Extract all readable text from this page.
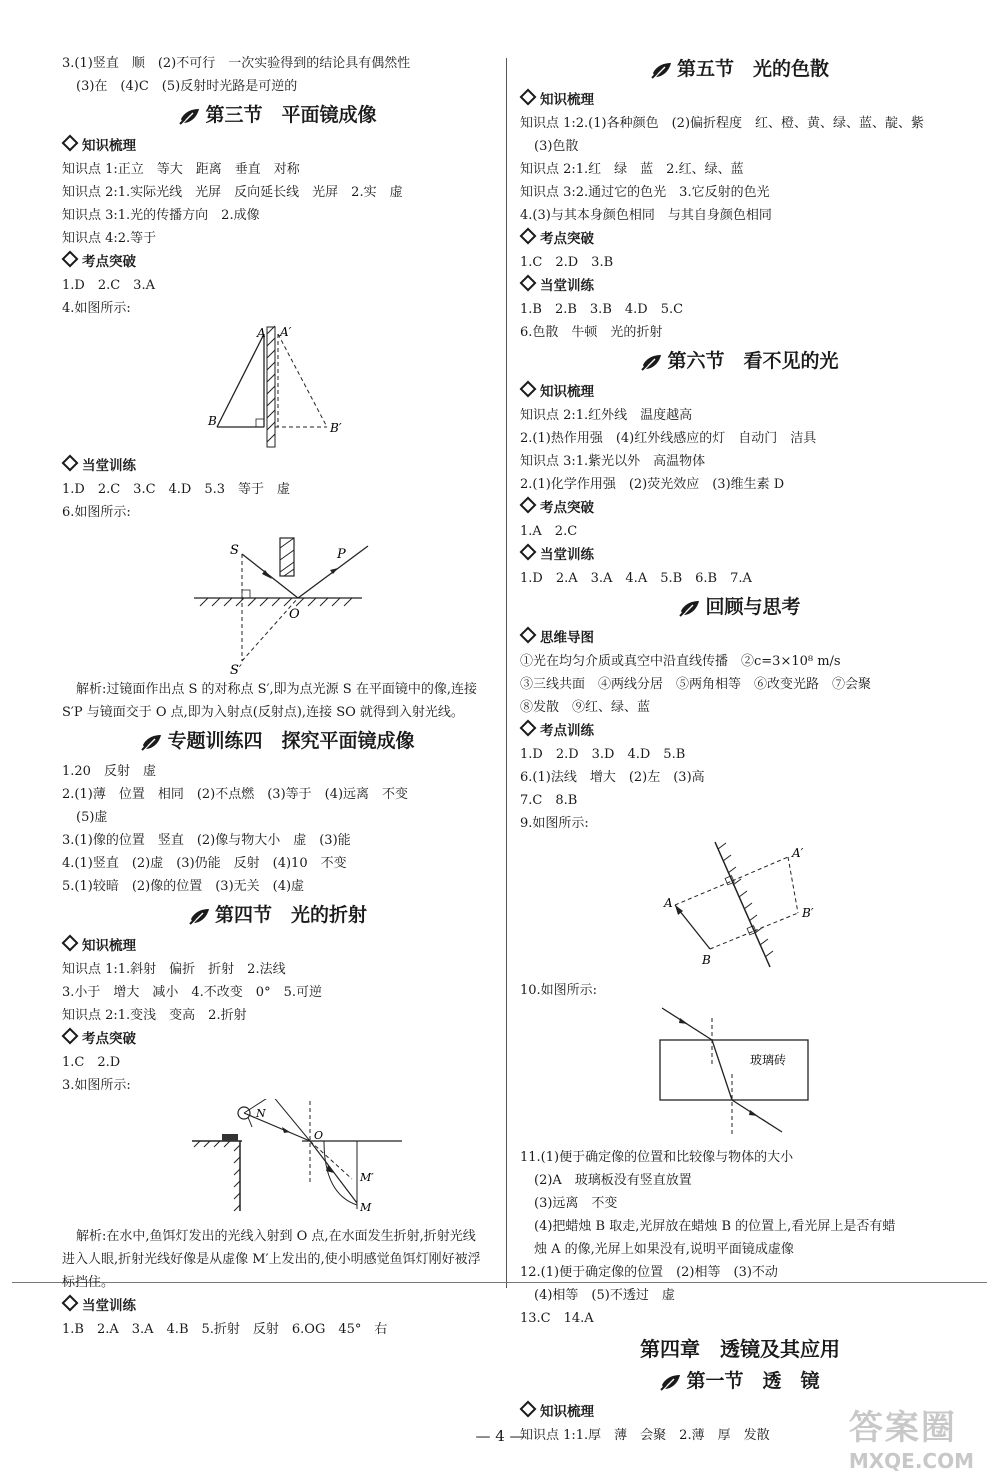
3.(1)竖直　顺　(2)不可行　一次实验得到的结论具有偶然性
(3)在　(4)C　(5)反射时光路是可逆的
第三节　平面镜成像
知识梳理
知识点 1:正立　等大　距离　垂直　对称
知识点 2:1.实际光线　光屏　反向延长线　光屏　2.实　虚
知识点 3:1.光的传播方向　2.成像
知识点 4:2.等于
考点突破
1.D　2.C　3.A
4.如图所示:
A A′
B	B′
当堂训练
1.D　2.C　3.C　4.D　5.3　等于　虚
6.如图所示:
S	P
O
S′
解析:过镜面作出点 S 的对称点 S′,即为点光源 S 在平面镜中的像,连接 S′P 与镜面交于 O 点,即为入射点(反射点),连接 SO 就得到入射光线。
专题训练四　探究平面镜成像
1.20　反射　虚
2.(1)薄　位置　相同　(2)不点燃　(3)等于　(4)远离　不变
(5)虚
3.(1)像的位置　竖直　(2)像与物大小　虚　(3)能
4.(1)竖直　(2)虚　(3)仍能　反射　(4)10　不变
5.(1)较暗　(2)像的位置　(3)无关　(4)虚
第四节　光的折射
知识梳理
知识点 1:1.斜射　偏折　折射　2.法线
3.小于　增大　减小　4.不改变　0°　5.可逆
知识点 2:1.变浅　变高　2.折射
考点突破
1.C　2.D
3.如图所示:
N
O
M′
M
解析:在水中,鱼饵灯发出的光线入射到 O 点,在水面发生折射,折射光线进入人眼,折射光线好像是从虚像 M′上发出的,使小明感觉鱼饵灯刚好被浮标挡住。
当堂训练
1.B　2.A　3.A　4.B　5.折射　反射　6.OG　45°　右
第五节　光的色散
知识梳理
知识点 1:2.(1)各种颜色　(2)偏折程度　红、橙、黄、绿、蓝、靛、紫
(3)色散
知识点 2:1.红　绿　蓝　2.红、绿、蓝
知识点 3:2.通过它的色光　3.它反射的色光
4.(3)与其本身颜色相同　与其自身颜色相同
考点突破
1.C　2.D　3.B
当堂训练
1.B　2.B　3.B　4.D　5.C
6.色散　牛顿　光的折射
第六节　看不见的光
知识梳理
知识点 2:1.红外线　温度越高
2.(1)热作用强　(4)红外线感应的灯　自动门　洁具
知识点 3:1.紫光以外　高温物体
2.(1)化学作用强　(2)荧光效应　(3)维生素 D
考点突破
1.A　2.C
当堂训练
1.D　2.A　3.A　4.A　5.B　6.B　7.A
回顾与思考
思维导图
①光在均匀介质或真空中沿直线传播　②c=3×10⁸ m/s
③三线共面　④两线分居　⑤两角相等　⑥改变光路　⑦会聚
⑧发散　⑨红、绿、蓝
考点训练
1.D　2.D　3.D　4.D　5.B
6.(1)法线　增大　(2)左　(3)高
7.C　8.B
9.如图所示:
A
A′
B
B′
10.如图所示:
玻璃砖
11.(1)便于确定像的位置和比较像与物体的大小
(2)A　玻璃板没有竖直放置
(3)远离　不变
(4)把蜡烛 B 取走,光屏放在蜡烛 B 的位置上,看光屏上是否有蜡
烛 A 的像,光屏上如果没有,说明平面镜成虚像
12.(1)便于确定像的位置　(2)相等　(3)不动
(4)相等　(5)不透过　虚
13.C　14.A
第四章　透镜及其应用
第一节　透　镜
知识梳理
知识点 1:1.厚　薄　会聚　2.薄　厚　发散
— 4 —	答案圈
MXQE.COM
